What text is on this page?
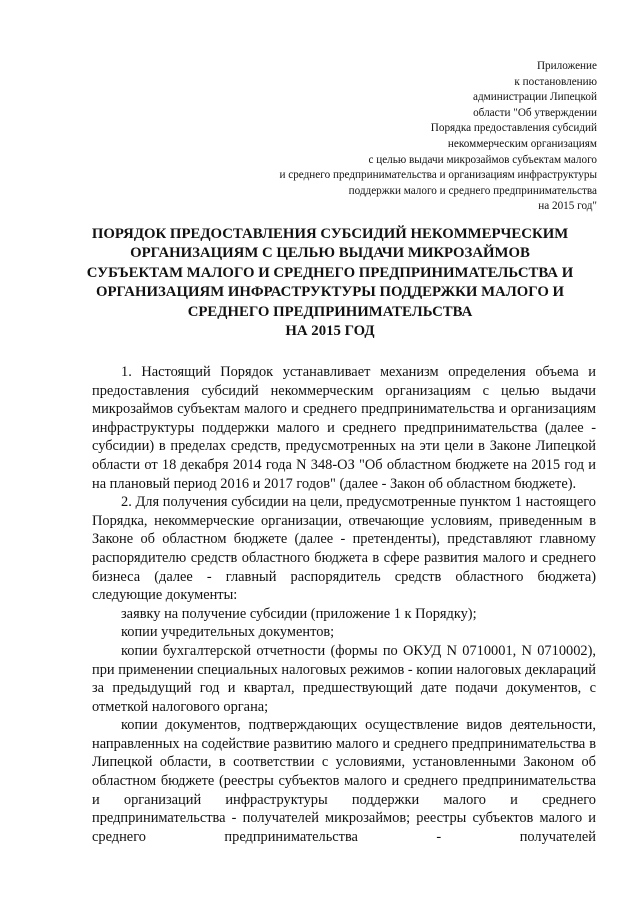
Приложение
к постановлению
администрации Липецкой
области "Об утверждении
Порядка предоставления субсидий
некоммерческим организациям
с целью выдачи микрозаймов субъектам малого
и среднего предпринимательства и организациям инфраструктуры
поддержки малого и среднего предпринимательства
на 2015 год"
ПОРЯДОК ПРЕДОСТАВЛЕНИЯ СУБСИДИЙ НЕКОММЕРЧЕСКИМ
ОРГАНИЗАЦИЯМ С ЦЕЛЬЮ ВЫДАЧИ МИКРОЗАЙМОВ
СУБЪЕКТАМ МАЛОГО И СРЕДНЕГО ПРЕДПРИНИМАТЕЛЬСТВА И
ОРГАНИЗАЦИЯМ ИНФРАСТРУКТУРЫ ПОДДЕРЖКИ МАЛОГО И
СРЕДНЕГО ПРЕДПРИНИМАТЕЛЬСТВА
НА 2015 ГОД

1. Настоящий Порядок устанавливает механизм определения объема и предоставления субсидий некоммерческим организациям с целью выдачи микрозаймов субъектам малого и среднего предпринимательства и организациям инфраструктуры поддержки малого и среднего предпринимательства (далее - субсидии) в пределах средств, предусмотренных на эти цели в Законе Липецкой области от 18 декабря 2014 года N 348-ОЗ "Об областном бюджете на 2015 год и на плановый период 2016 и 2017 годов" (далее - Закон об областном бюджете).

2. Для получения субсидии на цели, предусмотренные пунктом 1 настоящего Порядка, некоммерческие организации, отвечающие условиям, приведенным в Законе об областном бюджете (далее - претенденты), представляют главному распорядителю средств областного бюджета в сфере развития малого и среднего бизнеса (далее - главный распорядитель средств областного бюджета) следующие документы:

заявку на получение субсидии (приложение 1 к Порядку);

копии учредительных документов;

копии бухгалтерской отчетности (формы по ОКУД N 0710001, N 0710002), при применении специальных налоговых режимов - копии налоговых деклараций за предыдущий год и квартал, предшествующий дате подачи документов, с отметкой налогового органа;

копии документов, подтверждающих осуществление видов деятельности, направленных на содействие развитию малого и среднего предпринимательства в Липецкой области, в соответствии с условиями, установленными Законом об областном бюджете (реестры субъектов малого и среднего предпринимательства и организаций инфраструктуры поддержки малого и среднего предпринимательства - получателей микрозаймов; реестры субъектов малого и среднего предпринимательства - получателей
